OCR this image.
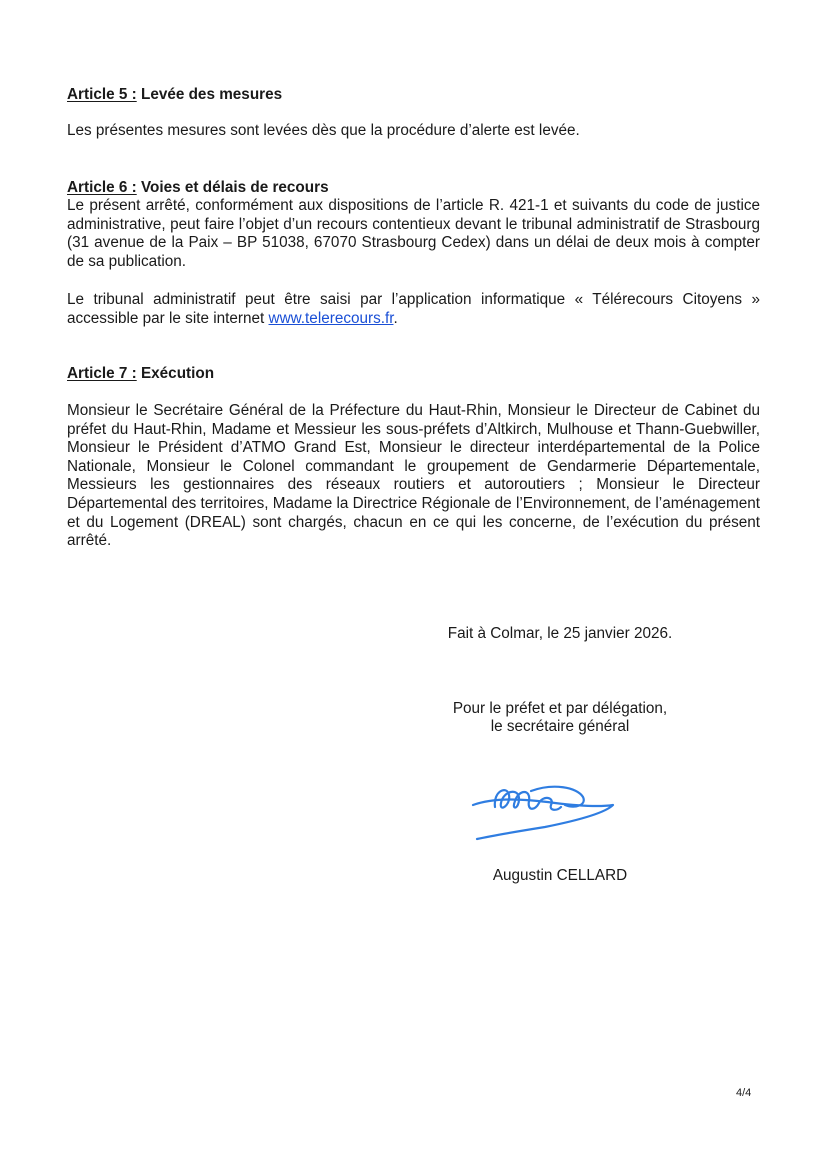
Article 5 : Levée des mesures
Les présentes mesures sont levées dès que la procédure d’alerte est levée.
Article 6 : Voies et délais de recours
Le présent arrêté, conformément aux dispositions de l’article R. 421-1 et suivants du code de justice administrative, peut faire l’objet d’un recours contentieux devant le tribunal administratif de Strasbourg (31 avenue de la Paix – BP 51038, 67070 Strasbourg Cedex) dans un délai de deux mois à compter de sa publication.
Le tribunal administratif peut être saisi par l’application informatique « Télérecours Citoyens » accessible par le site internet www.telerecours.fr.
Article 7 : Exécution
Monsieur le Secrétaire Général de la Préfecture du Haut-Rhin, Monsieur le Directeur de Cabinet du préfet du Haut-Rhin, Madame et Messieur les sous-préfets d’Altkirch, Mulhouse et Thann-Guebwiller, Monsieur le Président d’ATMO Grand Est, Monsieur le directeur interdépartemental de la Police Nationale, Monsieur le Colonel commandant le groupement de Gendarmerie Départementale, Messieurs les gestionnaires des réseaux routiers et autoroutiers ; Monsieur le Directeur Départemental des territoires, Madame la Directrice Régionale de l’Environnement, de l’aménagement et du Logement (DREAL) sont chargés, chacun en ce qui les concerne, de l’exécution du présent arrêté.
Fait à Colmar, le 25 janvier 2026.
Pour le préfet et par délégation,
le secrétaire général
Augustin CELLARD
4/4
